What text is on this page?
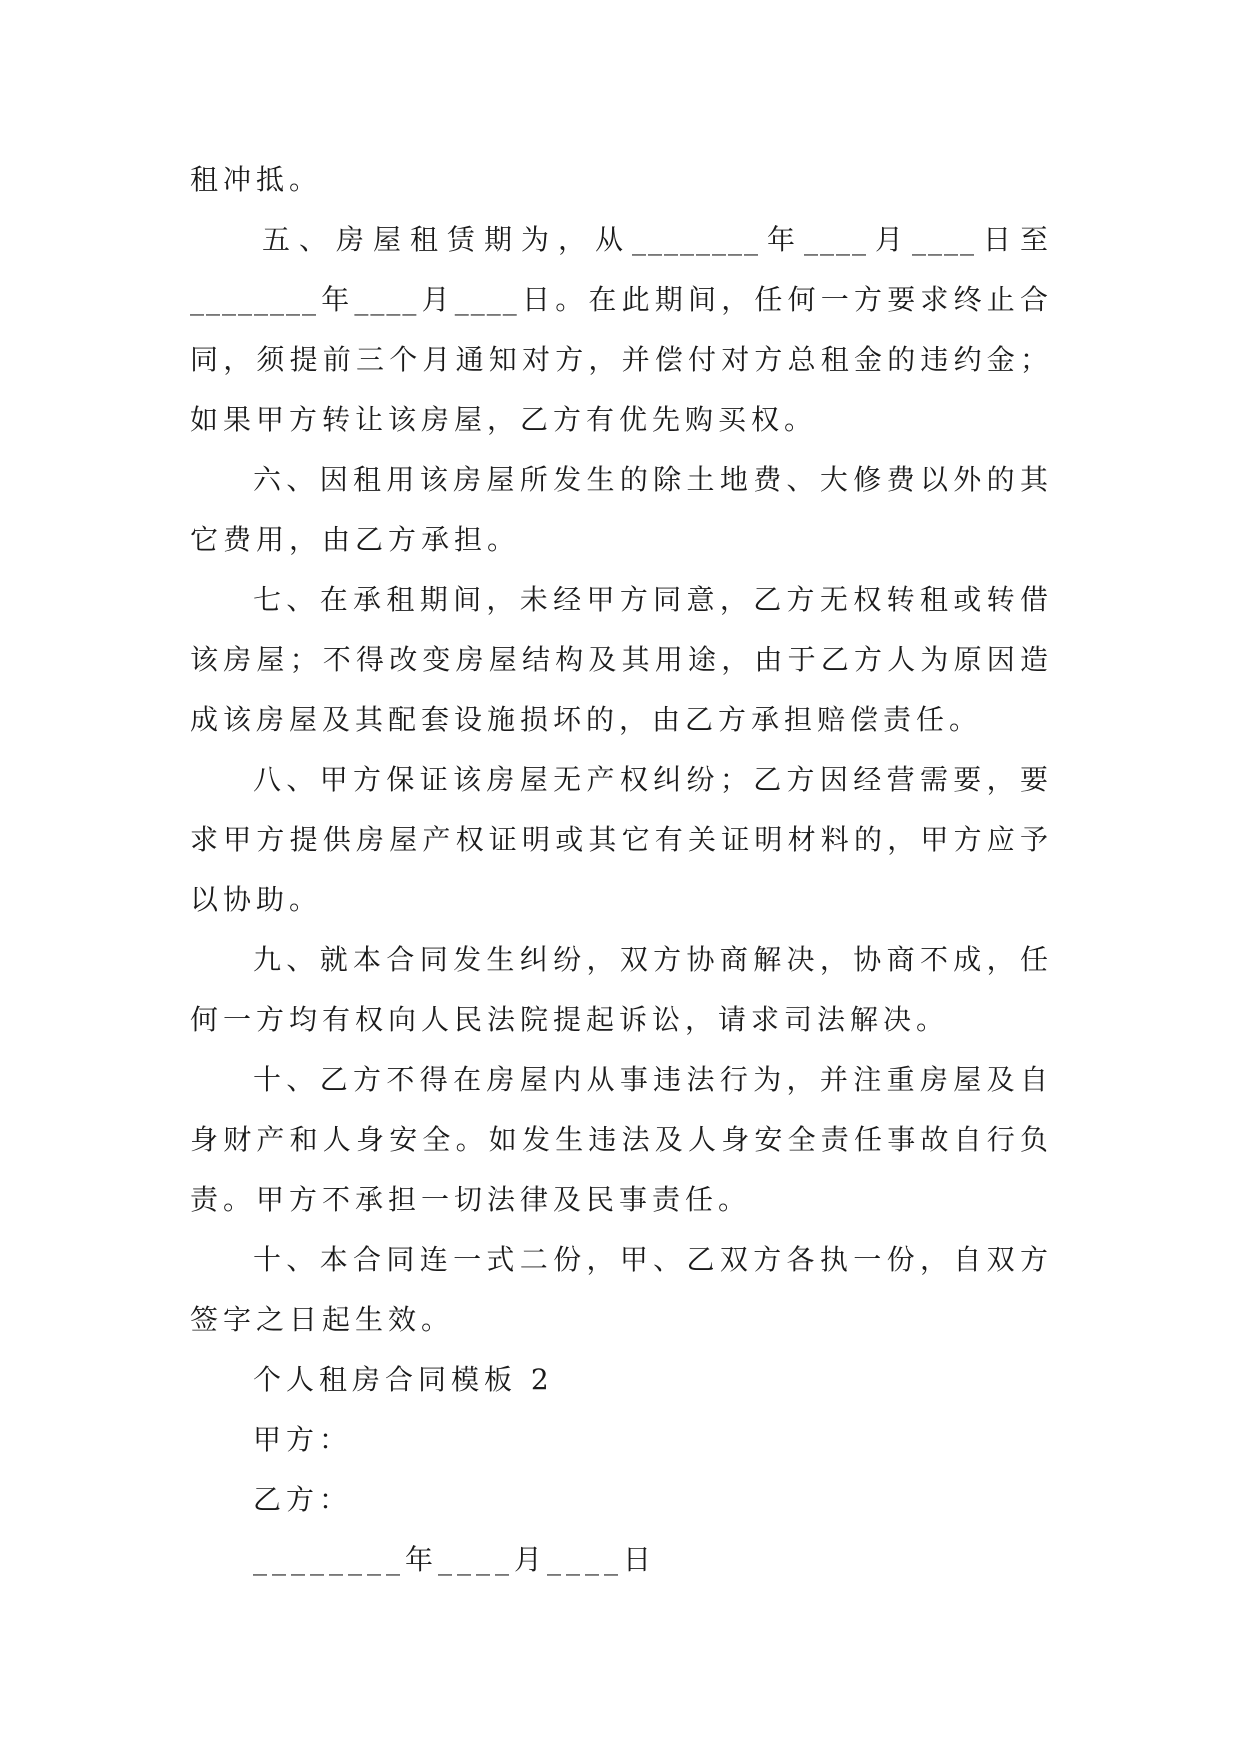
租冲抵。
五、房屋租赁期为，从________年____月____日至
________年____月____日。在此期间，任何一方要求终止合
同，须提前三个月通知对方，并偿付对方总租金的违约金；
如果甲方转让该房屋，乙方有优先购买权。
六、因租用该房屋所发生的除土地费、大修费以外的其
它费用，由乙方承担。
七、在承租期间，未经甲方同意，乙方无权转租或转借
该房屋；不得改变房屋结构及其用途，由于乙方人为原因造
成该房屋及其配套设施损坏的，由乙方承担赔偿责任。
八、甲方保证该房屋无产权纠纷；乙方因经营需要，要
求甲方提供房屋产权证明或其它有关证明材料的，甲方应予
以协助。
九、就本合同发生纠纷，双方协商解决，协商不成，任
何一方均有权向人民法院提起诉讼，请求司法解决。
十、乙方不得在房屋内从事违法行为，并注重房屋及自
身财产和人身安全。如发生违法及人身安全责任事故自行负
责。甲方不承担一切法律及民事责任。
十、本合同连一式二份，甲、乙双方各执一份，自双方
签字之日起生效。
个人租房合同模板 2
甲方：
乙方：
________年____月____日
